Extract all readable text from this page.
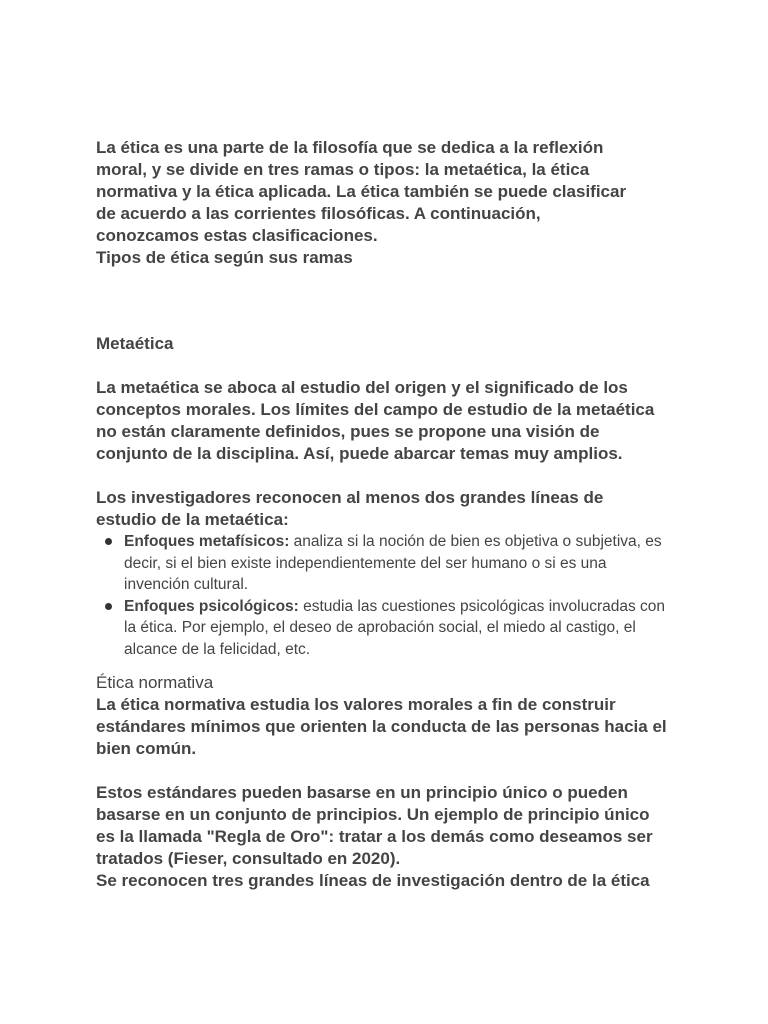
La ética es una parte de la filosofía que se dedica a la reflexión moral, y se divide en tres ramas o tipos: la metaética, la ética normativa y la ética aplicada. La ética también se puede clasificar de acuerdo a las corrientes filosóficas. A continuación, conozcamos estas clasificaciones.

Tipos de ética según sus ramas

Metaética

La metaética se aboca al estudio del origen y el significado de los conceptos morales. Los límites del campo de estudio de la metaética no están claramente definidos, pues se propone una visión de conjunto de la disciplina. Así, puede abarcar temas muy amplios.

Los investigadores reconocen al menos dos grandes líneas de estudio de la metaética:

Enfoques metafísicos: analiza si la noción de bien es objetiva o subjetiva, es decir, si el bien existe independientemente del ser humano o si es una invención cultural.
Enfoques psicológicos: estudia las cuestiones psicológicas involucradas con la ética. Por ejemplo, el deseo de aprobación social, el miedo al castigo, el alcance de la felicidad, etc.

Ética normativa

La ética normativa estudia los valores morales a fin de construir estándares mínimos que orienten la conducta de las personas hacia el bien común.

Estos estándares pueden basarse en un principio único o pueden basarse en un conjunto de principios. Un ejemplo de principio único es la llamada "Regla de Oro": tratar a los demás como deseamos ser tratados (Fieser, consultado en 2020).

Se reconocen tres grandes líneas de investigación dentro de la ética
